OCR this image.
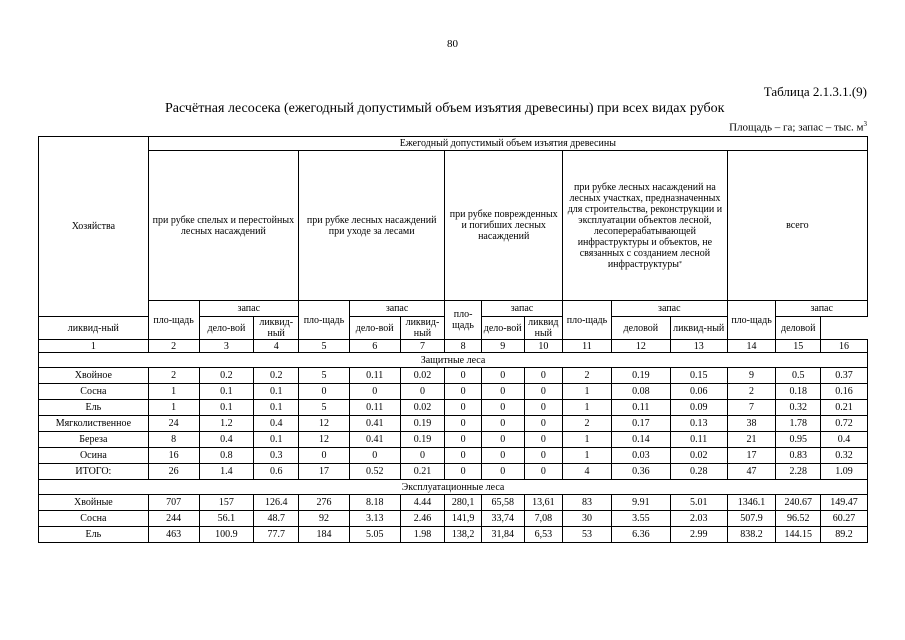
80
Таблица 2.1.3.1.(9)
Расчётная лесосека (ежегодный допустимый объем изъятия древесины) при всех видах рубок
Площадь – га; запас – тыс. $м^3$
Хозяйства	Ежегодный допустимый объем изъятия древесины														
	при рубке спелых и перестойных лесных насаждений			при рубке лесных насаждений при уходе за лесами			при рубке поврежденных и погибших лесных насаждений			при рубке лесных насаждений на лесных участках, предназначенных для строительства, реконструкции и эксплуатации объектов лесной, лесоперерабатывающей инфраструктуры и объектов, не связанных с созданием лесной инфраструктуры*			всего		
	пло-щадь	запас		пло-щадь	запас		пло-щадь	запас		пло-щадь	запас		пло-щадь	запас	
ликвид-ный		дело-вой	ликвид-ный		дело-вой	ликвид-ный		дело-вой	ликвид ный		деловой	ликвид-ный		деловой	
1	2	3	4	5	6	7	8	9	10	11	12	13	14	15	16
Защитные леса															
Хвойное	2	0.2	0.2	5	0.11	0.02	0	0	0	2	0.19	0.15	9	0.5	0.37
Сосна	1	0.1	0.1	0	0	0	0	0	0	1	0.08	0.06	2	0.18	0.16
Ель	1	0.1	0.1	5	0.11	0.02	0	0	0	1	0.11	0.09	7	0.32	0.21
Мягколиственное	24	1.2	0.4	12	0.41	0.19	0	0	0	2	0.17	0.13	38	1.78	0.72
Береза	8	0.4	0.1	12	0.41	0.19	0	0	0	1	0.14	0.11	21	0.95	0.4
Осина	16	0.8	0.3	0	0	0	0	0	0	1	0.03	0.02	17	0.83	0.32
ИТОГО:	26	1.4	0.6	17	0.52	0.21	0	0	0	4	0.36	0.28	47	2.28	1.09
Эксплуатационные леса															
Хвойные	707	157	126.4	276	8.18	4.44	280,1	65,58	13,61	83	9.91	5.01	1346.1	240.67	149.47
Сосна	244	56.1	48.7	92	3.13	2.46	141,9	33,74	7,08	30	3.55	2.03	507.9	96.52	60.27
Ель	463	100.9	77.7	184	5.05	1.98	138,2	31,84	6,53	53	6.36	2.99	838.2	144.15	89.2
